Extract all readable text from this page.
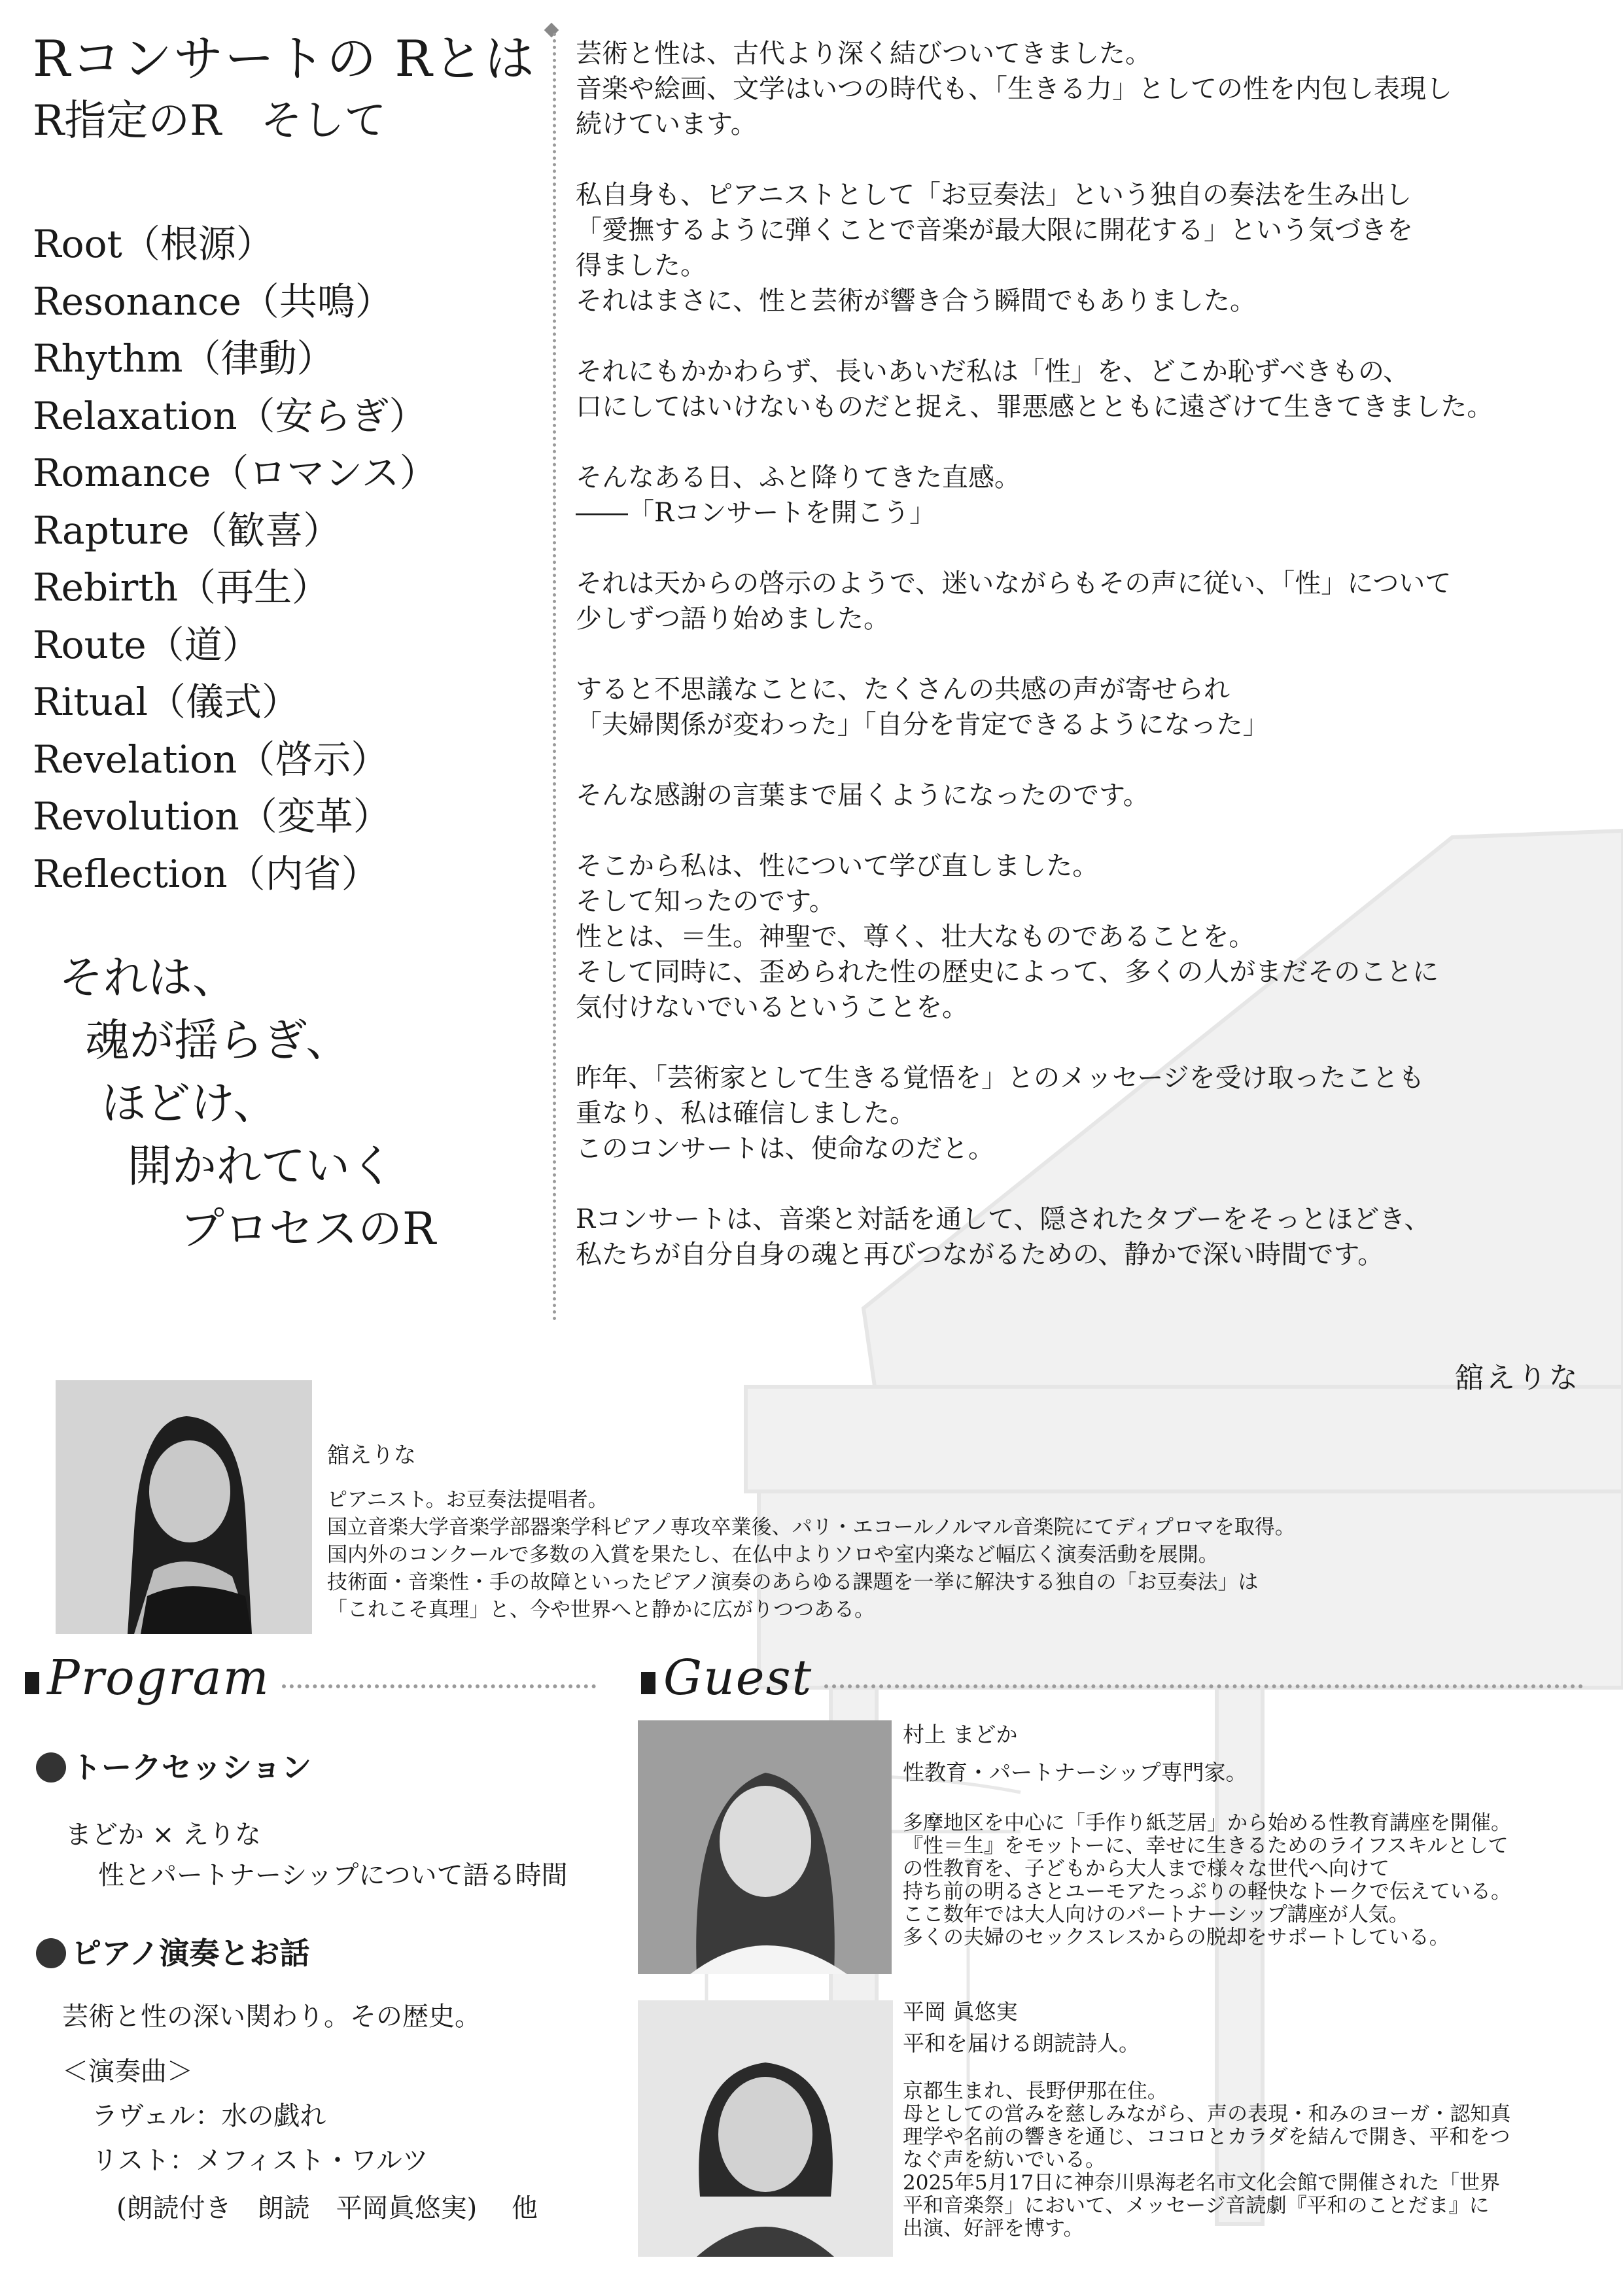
Rコンサートの Rとは
R指定のR そして
Root（根源）
Resonance（共鳴）
Rhythm（律動）
Relaxation（安らぎ）
Romance（ロマンス）
Rapture（歓喜）
Rebirth（再生）
Route（道）
Ritual（儀式）
Revelation（啓示）
Revolution（変革）
Reflection（内省）
それは、
魂が揺らぎ、
ほどけ、
開かれていく
プロセスのR

芸術と性は、古代より深く結びついてきました。
音楽や絵画、文学はいつの時代も、「生きる力」としての性を内包し表現し
続けています。

私自身も、ピアニストとして「お豆奏法」という独自の奏法を生み出し
「愛撫するように弾くことで音楽が最大限に開花する」という気づきを
得ました。
それはまさに、性と芸術が響き合う瞬間でもありました。

それにもかかわらず、長いあいだ私は「性」を、どこか恥ずべきもの、
口にしてはいけないものだと捉え、罪悪感とともに遠ざけて生きてきました。

そんなある日、ふと降りてきた直感。
――「Rコンサートを開こう」

それは天からの啓示のようで、迷いながらもその声に従い、「性」について
少しずつ語り始めました。

すると不思議なことに、たくさんの共感の声が寄せられ
「夫婦関係が変わった」「自分を肯定できるようになった」

そんな感謝の言葉まで届くようになったのです。

そこから私は、性について学び直しました。
そして知ったのです。
性とは、＝生。神聖で、尊く、壮大なものであることを。
そして同時に、歪められた性の歴史によって、多くの人がまだそのことに
気付けないでいるということを。

昨年、「芸術家として生きる覚悟を」とのメッセージを受け取ったことも
重なり、私は確信しました。
このコンサートは、使命なのだと。

Rコンサートは、音楽と対話を通して、隠されたタブーをそっとほどき、
私たちが自分自身の魂と再びつながるための、静かで深い時間です。

舘えりな
舘えりな
ピアニスト。お豆奏法提唱者。
国立音楽大学音楽学部器楽学科ピアノ専攻卒業後、パリ・エコールノルマル音楽院にてディプロマを取得。
国内外のコンクールで多数の入賞を果たし、在仏中よりソロや室内楽など幅広く演奏活動を展開。
技術面・音楽性・手の故障といったピアノ演奏のあらゆる課題を一挙に解決する独自の「お豆奏法」は
「これこそ真理」と、今や世界へと静かに広がりつつある。
Program	Guest
トークセッション
まどか × えりな
性とパートナーシップについて語る時間
ピアノ演奏とお話
芸術と性の深い関わり。その歴史。
＜演奏曲＞
ラヴェル：水の戯れ
リスト：メフィスト・ワルツ
(朗読付き　朗読　平岡眞悠実)　 他
村上 まどか
性教育・パートナーシップ専門家。
多摩地区を中心に「手作り紙芝居」から始める性教育講座を開催。
『性＝生』をモットーに、幸せに生きるためのライフスキルとして
の性教育を、子どもから大人まで様々な世代へ向けて
持ち前の明るさとユーモアたっぷりの軽快なトークで伝えている。
ここ数年では大人向けのパートナーシップ講座が人気。
多くの夫婦のセックスレスからの脱却をサポートしている。
平岡 眞悠実
平和を届ける朗読詩人。
京都生まれ、長野伊那在住。
母としての営みを慈しみながら、声の表現・和みのヨーガ・認知真
理学や名前の響きを通じ、ココロとカラダを結んで開き、平和をつ
なぐ声を紡いでいる。
2025年5月17日に神奈川県海老名市文化会館で開催された「世界
平和音楽祭」において、メッセージ音読劇『平和のことだま』に
出演、好評を博す。
